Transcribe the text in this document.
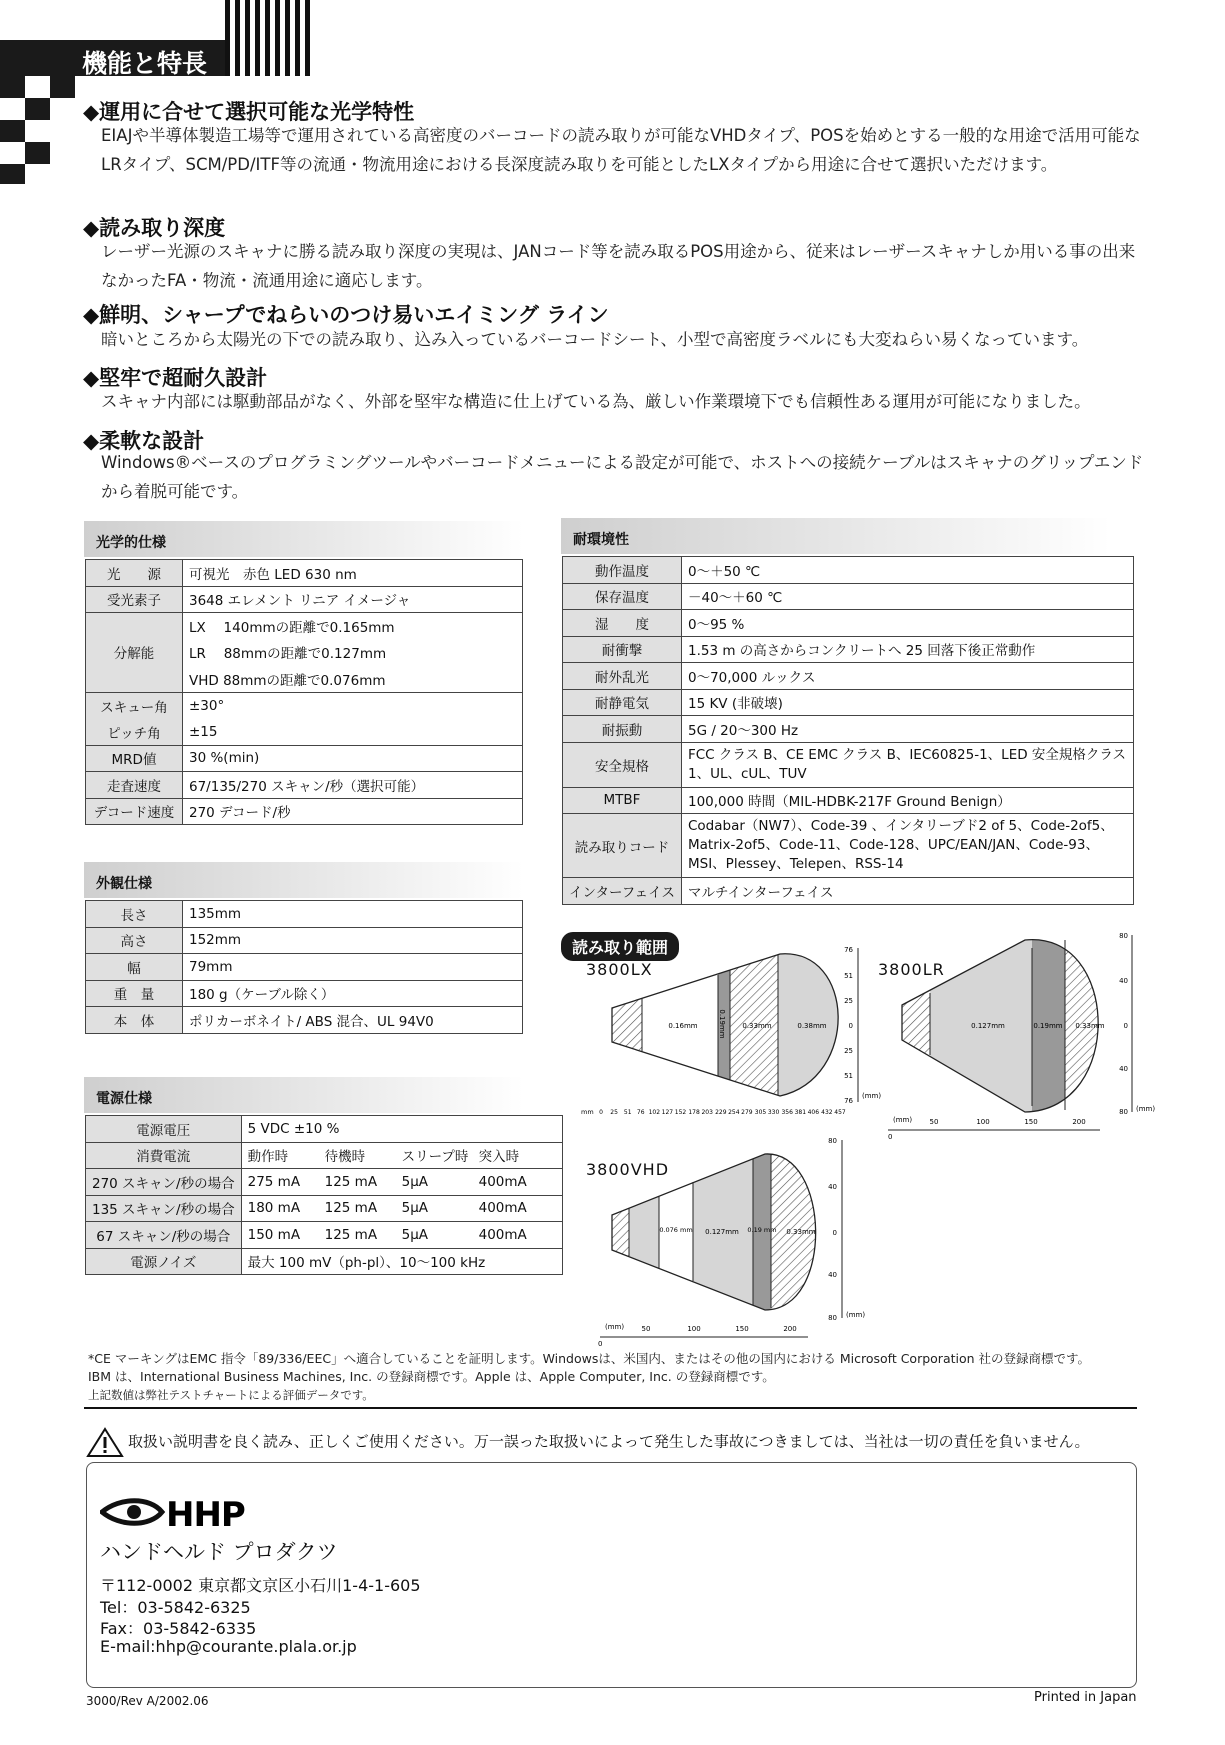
機能と特長
◆運用に合せて選択可能な光学特性
EIAJや半導体製造工場等で運用されている高密度のバーコードの読み取りが可能なVHDタイプ、POSを始めとする一般的な用途で活用可能なLRタイプ、SCM/PD/ITF等の流通・物流用途における長深度読み取りを可能としたLXタイプから用途に合せて選択いただけます。
◆読み取り深度
レーザー光源のスキャナに勝る読み取り深度の実現は、JANコード等を読み取るPOS用途から、従来はレーザースキャナしか用いる事の出来なかったFA・物流・流通用途に適応します。
◆鮮明、シャープでねらいのつけ易いエイミング ライン
暗いところから太陽光の下での読み取り、込み入っているバーコードシート、小型で高密度ラベルにも大変ねらい易くなっています。
◆堅牢で超耐久設計
スキャナ内部には駆動部品がなく、外部を堅牢な構造に仕上げている為、厳しい作業環境下でも信頼性ある運用が可能になりました。
◆柔軟な設計
Windows®ベースのプログラミングツールやバーコードメニューによる設定が可能で、ホストへの接続ケーブルはスキャナのグリップエンドから着脱可能です。
光学的仕様
光　　源	可視光　赤色 LED 630 nm
受光素子	3648 エレメント リニア イメージャ
分解能	LX　 140mmの距離で0.165mm
	LR　 88mmの距離で0.127mm
	VHD 88mmの距離で0.076mm
スキュー角	±30°
ピッチ角	±15
MRD値	30 %(min)
走査速度	67/135/270 スキャン/秒（選択可能）
デコード速度	270 デコード/秒
外観仕様
長さ	135mm
高さ	152mm
幅	79mm
重　量	180 g（ケーブル除く）
本　体	ポリカーボネイト/ ABS 混合、UL 94V0
電源仕様
電源電圧	5 VDC ±10 %
消費電流	動作時 待機時 スリープ時 突入時
270 スキャン/秒の場合	275 mA 125 mA 5μA 400mA
135 スキャン/秒の場合	180 mA 125 mA 5μA 400mA
67 スキャン/秒の場合	150 mA 125 mA 5μA 400mA
電源ノイズ	最大 100 mV（ph-pl）、10〜100 kHz
耐環境性
動作温度	0〜＋50 ℃
保存温度	－40〜＋60 ℃
湿　　度	0〜95 %
耐衝撃	1.53 m の高さからコンクリートへ 25 回落下後正常動作
耐外乱光	0〜70,000 ルックス
耐静電気	15 KV (非破壊)
耐振動	5G / 20〜300 Hz
安全規格	FCC クラス B、CE EMC クラス B、IEC60825-1、LED 安全規格クラス 1、UL、cUL、TUV
MTBF	100,000 時間（MIL-HDBK-217F Ground Benign）
読み取りコード	Codabar（NW7）、Code-39 、インタリーブド2 of 5、Code-2of5、Matrix-2of5、Code-11、Code-128、UPC/EAN/JAN、Code-93、MSI、Plessey、Telepen、RSS-14
インターフェイス	マルチインターフェイス
読み取り範囲
0.16mm	0.19mm 0.33mm	0.38mm
76
51
25
0
25
51
76
(mm)
mm 0 25 51 76 102 127 152 178 203 229 254 279 305 330 356 381 406 432 457
0.127mm	0.19mm 0.33mm
80
40
0
40
80 (mm)
(mm)
0
50	100	150	200
0.076 mm 0.127mm 0.19 mm 0.33mm
80
40
0
40
80 (mm)
(mm)
0
50	100	150	200
3800LX	3800LR
3800VHD
*CE マーキングはEMC 指令「89/336/EEC」へ適合していることを証明します。Windowsは、米国内、またはその他の国内における Microsoft Corporation 社の登録商標です。
IBM は、International Business Machines, Inc. の登録商標です。Apple は、Apple Computer, Inc. の登録商標です。
上記数値は弊社テストチャートによる評価データです。
取扱い説明書を良く読み、正しくご使用ください。万一誤った取扱いによって発生した事故につきましては、当社は一切の責任を負いません。
HHP
ハンドヘルド プロダクツ
〒112-0002 東京都文京区小石川1-4-1-605
Tel：03-5842-6325
Fax：03-5842-6335
E-mail:hhp@courante.plala.or.jp
3000/Rev A/2002.06	Printed in Japan
